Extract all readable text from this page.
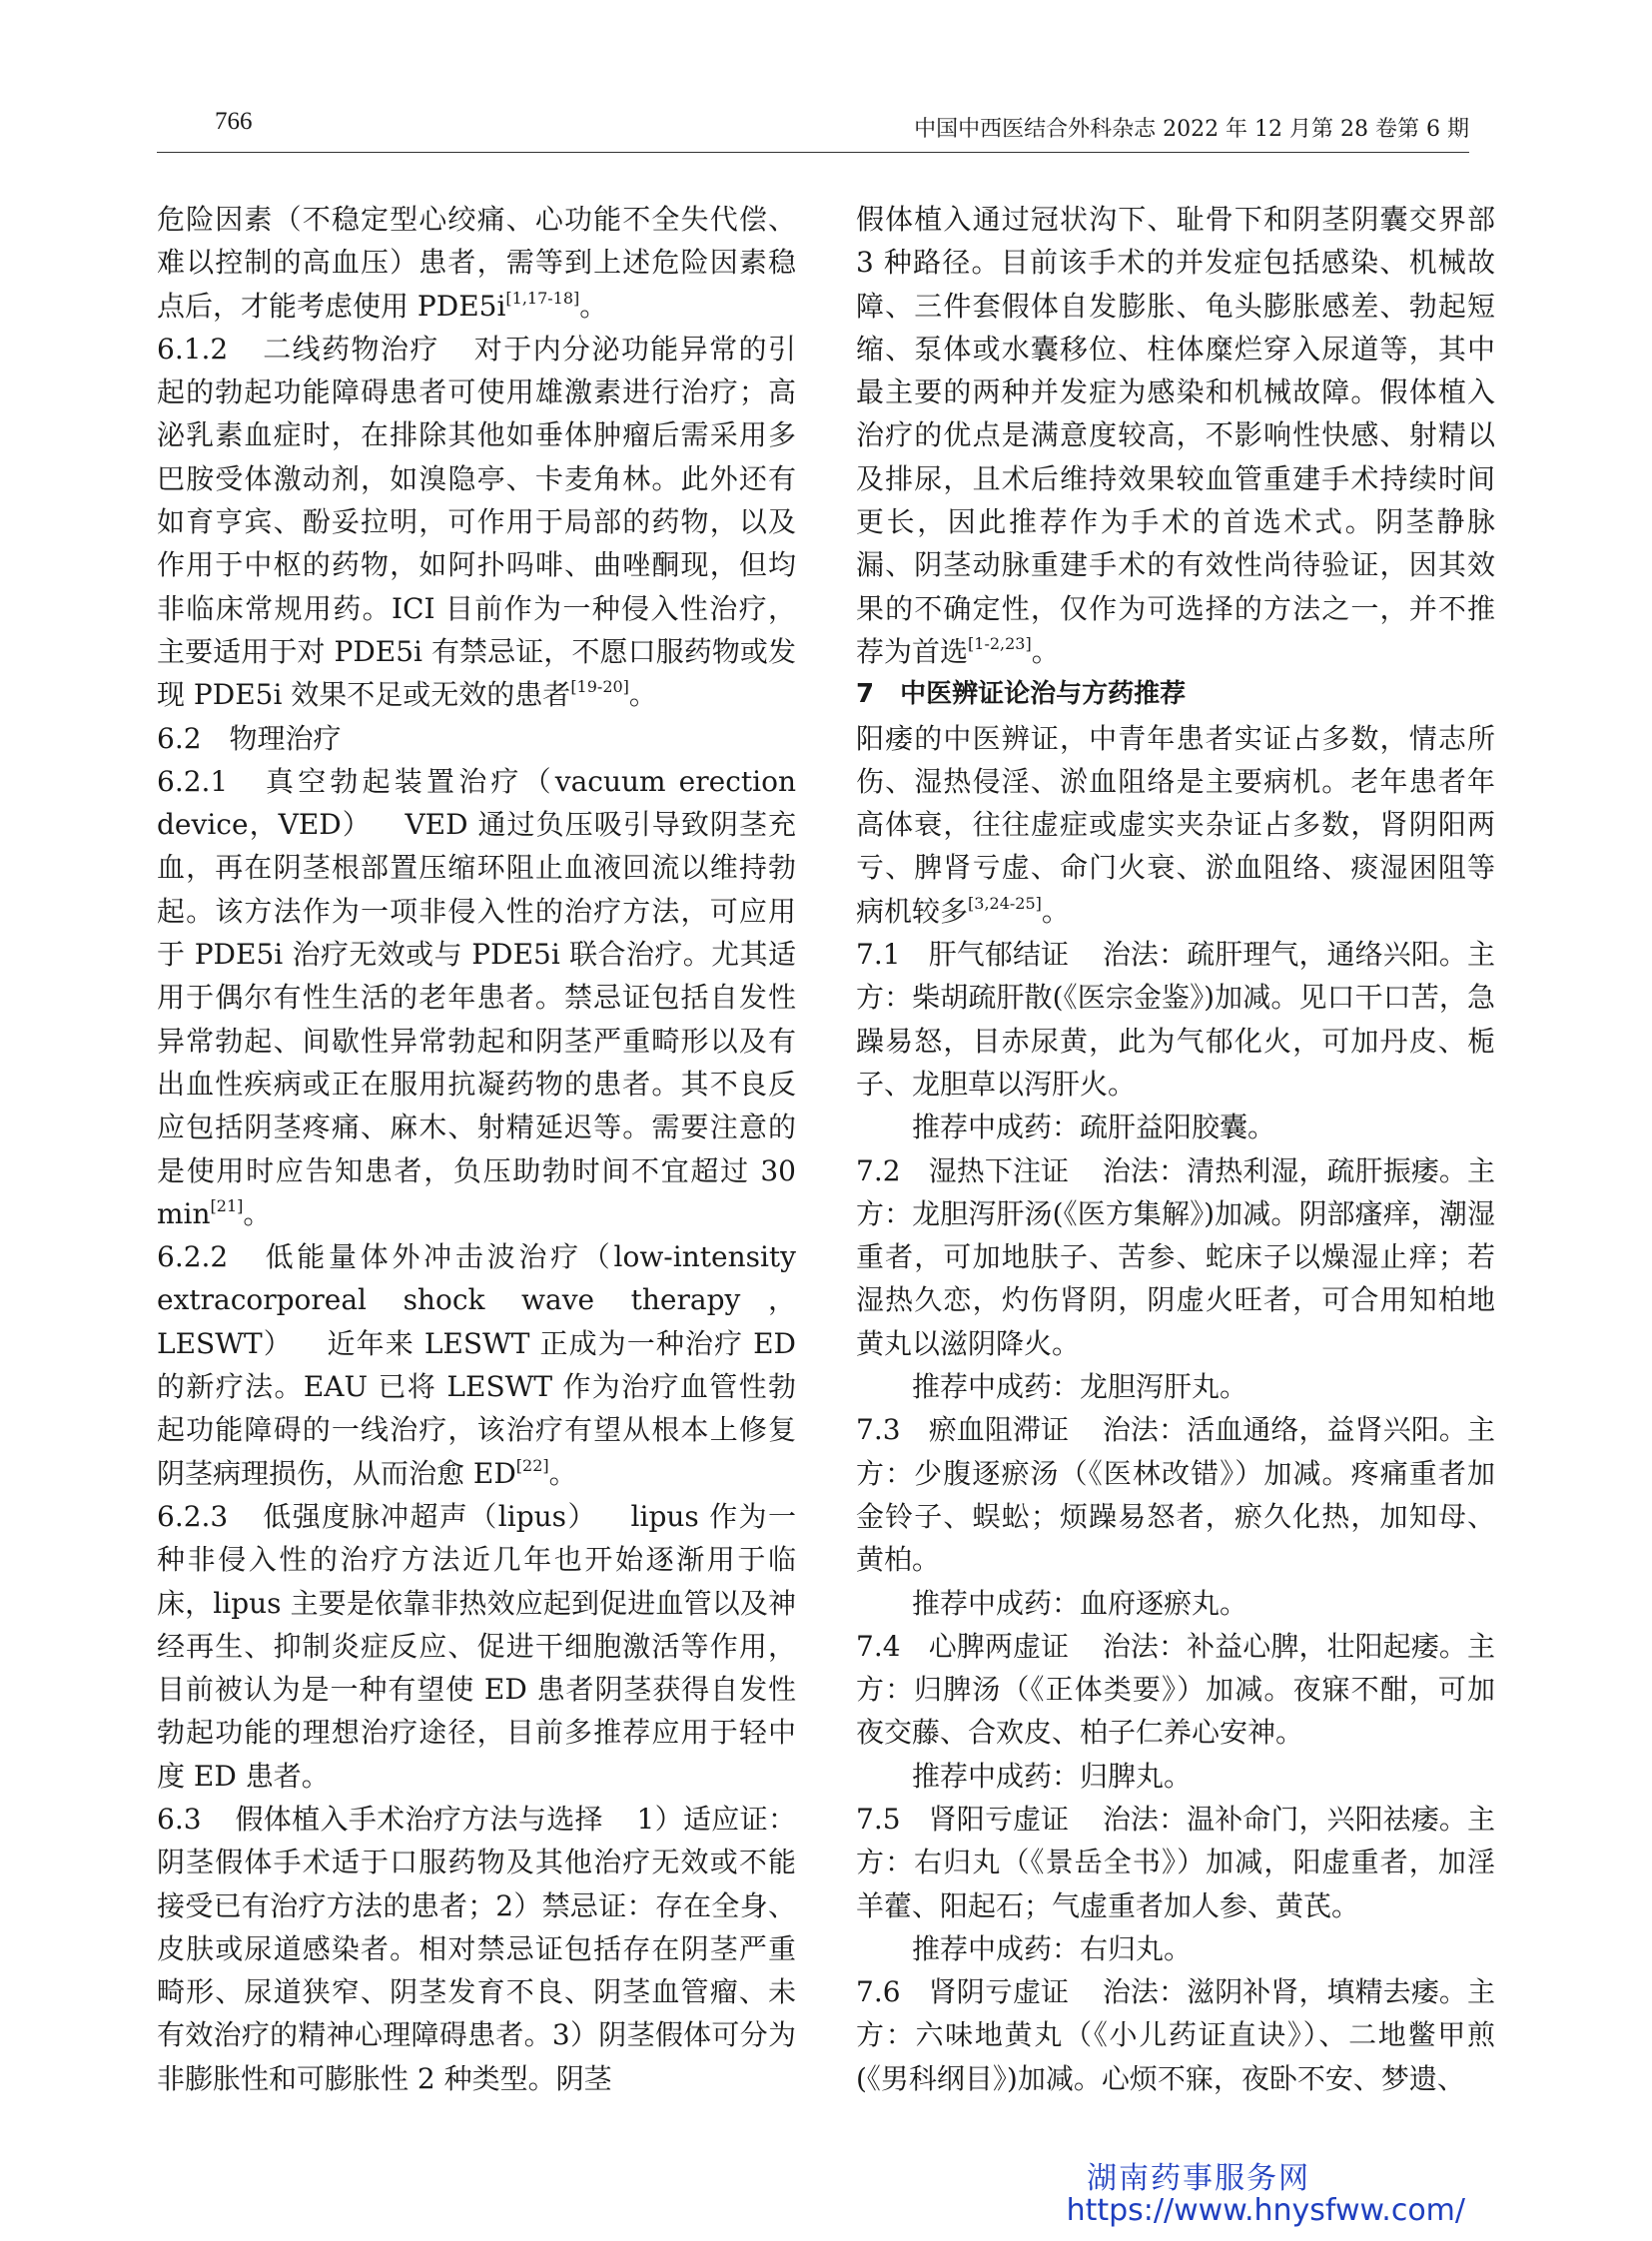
766	中国中西医结合外科杂志 2022 年 12 月第 28 卷第 6 期

危险因素（不稳定型心绞痛、心功能不全失代偿、难以控制的高血压）患者，需等到上述危险因素稳点后，才能考虑使用 PDE5i[1,17-18]。

6.1.2 二线药物治疗 对于内分泌功能异常的引起的勃起功能障碍患者可使用雄激素进行治疗；高泌乳素血症时，在排除其他如垂体肿瘤后需采用多巴胺受体激动剂，如溴隐亭、卡麦角林。此外还有如育亨宾、酚妥拉明，可作用于局部的药物，以及作用于中枢的药物，如阿扑吗啡、曲唑酮现，但均非临床常规用药。ICI 目前作为一种侵入性治疗，主要适用于对 PDE5i 有禁忌证，不愿口服药物或发现 PDE5i 效果不足或无效的患者[19-20]。

6.2　物理治疗

6.2.1 真空勃起装置治疗（vacuum erection device，VED） VED 通过负压吸引导致阴茎充血，再在阴茎根部置压缩环阻止血液回流以维持勃起。该方法作为一项非侵入性的治疗方法，可应用于 PDE5i 治疗无效或与 PDE5i 联合治疗。尤其适用于偶尔有性生活的老年患者。禁忌证包括自发性异常勃起、间歇性异常勃起和阴茎严重畸形以及有出血性疾病或正在服用抗凝药物的患者。其不良反应包括阴茎疼痛、麻木、射精延迟等。需要注意的是使用时应告知患者，负压助勃时间不宜超过 30 min[21]。

6.2.2 低能量体外冲击波治疗（low-intensity extracorporeal shock wave therapy，LESWT） 近年来 LESWT 正成为一种治疗 ED 的新疗法。EAU 已将 LESWT 作为治疗血管性勃起功能障碍的一线治疗，该治疗有望从根本上修复阴茎病理损伤，从而治愈 ED[22]。

6.2.3 低强度脉冲超声（lipus） lipus 作为一种非侵入性的治疗方法近几年也开始逐渐用于临床，lipus 主要是依靠非热效应起到促进血管以及神经再生、抑制炎症反应、促进干细胞激活等作用，目前被认为是一种有望使 ED 患者阴茎获得自发性勃起功能的理想治疗途径，目前多推荐应用于轻中度 ED 患者。

6.3 假体植入手术治疗方法与选择 1）适应证：阴茎假体手术适于口服药物及其他治疗无效或不能接受已有治疗方法的患者；2）禁忌证：存在全身、皮肤或尿道感染者。相对禁忌证包括存在阴茎严重畸形、尿道狭窄、阴茎发育不良、阴茎血管瘤、未有效治疗的精神心理障碍患者。3）阴茎假体可分为非膨胀性和可膨胀性 2 种类型。阴茎

假体植入通过冠状沟下、耻骨下和阴茎阴囊交界部 3 种路径。目前该手术的并发症包括感染、机械故障、三件套假体自发膨胀、龟头膨胀感差、勃起短缩、泵体或水囊移位、柱体糜烂穿入尿道等，其中最主要的两种并发症为感染和机械故障。假体植入治疗的优点是满意度较高，不影响性快感、射精以及排尿，且术后维持效果较血管重建手术持续时间更长，因此推荐作为手术的首选术式。阴茎静脉漏、阴茎动脉重建手术的有效性尚待验证，因其效果的不确定性，仅作为可选择的方法之一，并不推荐为首选[1-2,23]。

7　中医辨证论治与方药推荐

阳痿的中医辨证，中青年患者实证占多数，情志所伤、湿热侵淫、淤血阻络是主要病机。老年患者年高体衰，往往虚症或虚实夹杂证占多数，肾阴阳两亏、脾肾亏虚、命门火衰、淤血阻络、痰湿困阻等病机较多[3,24-25]。

7.1　肝气郁结证 治法：疏肝理气，通络兴阳。主方：柴胡疏肝散(《医宗金鉴》)加减。见口干口苦，急躁易怒，目赤尿黄，此为气郁化火，可加丹皮、栀子、龙胆草以泻肝火。

推荐中成药：疏肝益阳胶囊。

7.2　湿热下注证 治法：清热利湿，疏肝振痿。主方：龙胆泻肝汤(《医方集解》)加减。阴部瘙痒，潮湿重者，可加地肤子、苦参、蛇床子以燥湿止痒；若湿热久恋，灼伤肾阴，阴虚火旺者，可合用知柏地黄丸以滋阴降火。

推荐中成药：龙胆泻肝丸。

7.3　瘀血阻滞证 治法：活血通络，益肾兴阳。主方：少腹逐瘀汤（《医林改错》）加减。疼痛重者加金铃子、蜈蚣；烦躁易怒者，瘀久化热，加知母、黄柏。

推荐中成药：血府逐瘀丸。

7.4　心脾两虚证 治法：补益心脾，壮阳起痿。主方：归脾汤（《正体类要》）加减。夜寐不酣，可加夜交藤、合欢皮、柏子仁养心安神。

推荐中成药：归脾丸。

7.5　肾阳亏虚证 治法：温补命门，兴阳祛痿。主方：右归丸（《景岳全书》）加减，阳虚重者，加淫羊藿、阳起石；气虚重者加人参、黄芪。

推荐中成药：右归丸。

7.6　肾阴亏虚证 治法：滋阴补肾，填精去痿。主方：六味地黄丸（《小儿药证直诀》）、二地鳖甲煎(《男科纲目》)加减。心烦不寐，夜卧不安、梦遗、

湖南药事服务网
https://www.hnysfww.com/
